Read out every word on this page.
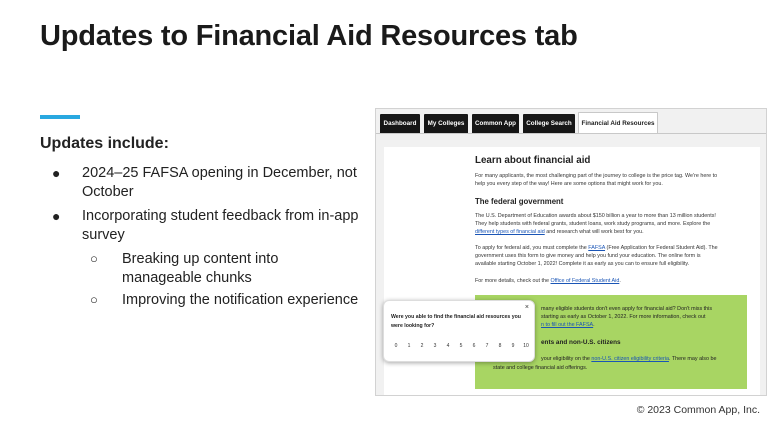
Updates to Financial Aid Resources tab
Updates include:
● 2024–25 FAFSA opening in December, not October
● Incorporating student feedback from in-app survey
○ Breaking up content into manageable chunks
○ Improving the notification experience
Dashboard	My Colleges	Common App	College Search	Financial Aid Resources
Learn about financial aid
For many applicants, the most challenging part of the journey to college is the price tag. We're here to
help you every step of the way! Here are some options that might work for you.
The federal government
The U.S. Department of Education awards about $150 billion a year to more than 13 million students!
They help students with federal grants, student loans, work study programs, and more. Explore the
different types of financial aid and research what will work best for you.
To apply for federal aid, you must complete the FAFSA (Free Application for Federal Student Aid). The
government uses this form to give money and help you fund your education. The online form is
available starting October 1, 2022! Complete it as early as you can to ensure full eligibility.
For more details, check out the Office of Federal Student Aid.
many eligible students don't even apply for financial aid? Don't miss this
starting as early as October 1, 2022. For more information, check out
n to fill out the FAFSA.
ents and non-U.S. citizens
your eligibility on the non-U.S. citizen eligibility criteria. There may also be
state and college financial aid offerings.
×
Were you able to find the financial aid resources you were looking for?
0	1	2	3	4	5	6	7	8	9	10
© 2023 Common App, Inc.
